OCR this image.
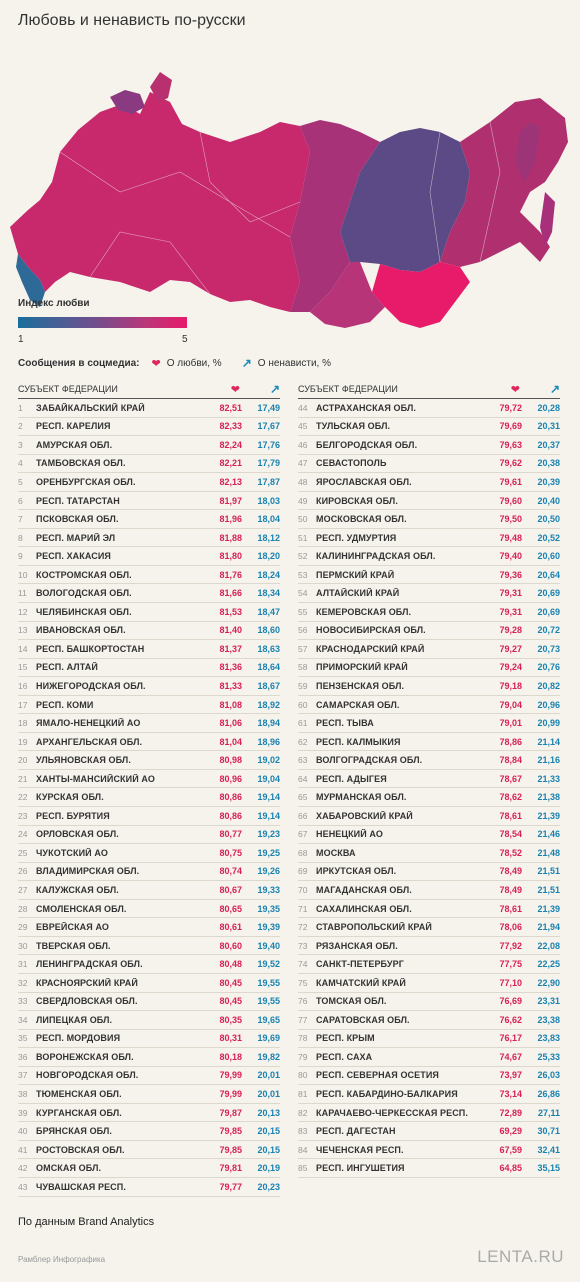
Любовь и ненависть по-русски
Индекс любви
1	5
Сообщения в соцмедиа: ❤ О любви, % ↗ О ненависти, %
СУБЪЕКТ ФЕДЕРАЦИИ	❤	↗
1	ЗАБАЙКАЛЬСКИЙ КРАЙ	82,51	17,49
2	РЕСП. КАРЕЛИЯ	82,33	17,67
3	АМУРСКАЯ ОБЛ.	82,24	17,76
4	ТАМБОВСКАЯ ОБЛ.	82,21	17,79
5	ОРЕНБУРГСКАЯ ОБЛ.	82,13	17,87
6	РЕСП. ТАТАРСТАН	81,97	18,03
7	ПСКОВСКАЯ ОБЛ.	81,96	18,04
8	РЕСП. МАРИЙ ЭЛ	81,88	18,12
9	РЕСП. ХАКАСИЯ	81,80	18,20
10 КОСТРОМСКАЯ ОБЛ.	81,76	18,24
11	ВОЛОГОДСКАЯ ОБЛ.	81,66	18,34
12 ЧЕЛЯБИНСКАЯ ОБЛ.	81,53	18,47
13 ИВАНОВСКАЯ ОБЛ.	81,40	18,60
14 РЕСП. БАШКОРТОСТАН	81,37	18,63
15 РЕСП. АЛТАЙ	81,36	18,64
16 НИЖЕГОРОДСКАЯ ОБЛ.	81,33	18,67
17 РЕСП. КОМИ	81,08	18,92
18 ЯМАЛО-НЕНЕЦКИЙ АО	81,06	18,94
19 АРХАНГЕЛЬСКАЯ ОБЛ.	81,04	18,96
20 УЛЬЯНОВСКАЯ ОБЛ.	80,98	19,02
21 ХАНТЫ-МАНСИЙСКИЙ АО	80,96	19,04
22 КУРСКАЯ ОБЛ.	80,86	19,14
23 РЕСП. БУРЯТИЯ	80,86	19,14
24 ОРЛОВСКАЯ ОБЛ.	80,77	19,23
25 ЧУКОТСКИЙ АО	80,75	19,25
26 ВЛАДИМИРСКАЯ ОБЛ.	80,74	19,26
27 КАЛУЖСКАЯ ОБЛ.	80,67	19,33
28 СМОЛЕНСКАЯ ОБЛ.	80,65	19,35
29 ЕВРЕЙСКАЯ АО	80,61	19,39
30 ТВЕРСКАЯ ОБЛ.	80,60	19,40
31 ЛЕНИНГРАДСКАЯ ОБЛ.	80,48	19,52
32 КРАСНОЯРСКИЙ КРАЙ	80,45	19,55
33 СВЕРДЛОВСКАЯ ОБЛ.	80,45	19,55
34 ЛИПЕЦКАЯ ОБЛ.	80,35	19,65
35 РЕСП. МОРДОВИЯ	80,31	19,69
36 ВОРОНЕЖСКАЯ ОБЛ.	80,18	19,82
37 НОВГОРОДСКАЯ ОБЛ.	79,99	20,01
38 ТЮМЕНСКАЯ ОБЛ.	79,99	20,01
39 КУРГАНСКАЯ ОБЛ.	79,87	20,13
40 БРЯНСКАЯ ОБЛ.	79,85	20,15
41 РОСТОВСКАЯ ОБЛ.	79,85	20,15
42 ОМСКАЯ ОБЛ.	79,81	20,19
43 ЧУВАШСКАЯ РЕСП.	79,77	20,23
СУБЪЕКТ ФЕДЕРАЦИИ	❤	↗
44 АСТРАХАНСКАЯ ОБЛ.	79,72	20,28
45 ТУЛЬСКАЯ ОБЛ.	79,69	20,31
46 БЕЛГОРОДСКАЯ ОБЛ.	79,63	20,37
47 СЕВАСТОПОЛЬ	79,62	20,38
48 ЯРОСЛАВСКАЯ ОБЛ.	79,61	20,39
49 КИРОВСКАЯ ОБЛ.	79,60	20,40
50 МОСКОВСКАЯ ОБЛ.	79,50	20,50
51 РЕСП. УДМУРТИЯ	79,48	20,52
52 КАЛИНИНГРАДСКАЯ ОБЛ.	79,40	20,60
53 ПЕРМСКИЙ КРАЙ	79,36	20,64
54 АЛТАЙСКИЙ КРАЙ	79,31	20,69
55 КЕМЕРОВСКАЯ ОБЛ.	79,31	20,69
56 НОВОСИБИРСКАЯ ОБЛ.	79,28	20,72
57 КРАСНОДАРСКИЙ КРАЙ	79,27	20,73
58 ПРИМОРСКИЙ КРАЙ	79,24	20,76
59 ПЕНЗЕНСКАЯ ОБЛ.	79,18	20,82
60 САМАРСКАЯ ОБЛ.	79,04	20,96
61 РЕСП. ТЫВА	79,01	20,99
62 РЕСП. КАЛМЫКИЯ	78,86	21,14
63 ВОЛГОГРАДСКАЯ ОБЛ.	78,84	21,16
64 РЕСП. АДЫГЕЯ	78,67	21,33
65 МУРМАНСКАЯ ОБЛ.	78,62	21,38
66 ХАБАРОВСКИЙ КРАЙ	78,61	21,39
67 НЕНЕЦКИЙ АО	78,54	21,46
68 МОСКВА	78,52	21,48
69 ИРКУТСКАЯ ОБЛ.	78,49	21,51
70 МАГАДАНСКАЯ ОБЛ.	78,49	21,51
71 САХАЛИНСКАЯ ОБЛ.	78,61	21,39
72 СТАВРОПОЛЬСКИЙ КРАЙ	78,06	21,94
73 РЯЗАНСКАЯ ОБЛ.	77,92	22,08
74 САНКТ-ПЕТЕРБУРГ	77,75	22,25
75 КАМЧАТСКИЙ КРАЙ	77,10	22,90
76 ТОМСКАЯ ОБЛ.	76,69	23,31
77 САРАТОВСКАЯ ОБЛ.	76,62	23,38
78 РЕСП. КРЫМ	76,17	23,83
79 РЕСП. САХА	74,67	25,33
80 РЕСП. СЕВЕРНАЯ ОСЕТИЯ	73,97	26,03
81 РЕСП. КАБАРДИНО-БАЛКАРИЯ	73,14	26,86
82 КАРАЧАЕВО-ЧЕРКЕССКАЯ РЕСП.	72,89	27,11
83 РЕСП. ДАГЕСТАН	69,29	30,71
84 ЧЕЧЕНСКАЯ РЕСП.	67,59	32,41
85 РЕСП. ИНГУШЕТИЯ	64,85	35,15
По данным Brand Analytics
Рамблер Инфографика	LENTA.RU
